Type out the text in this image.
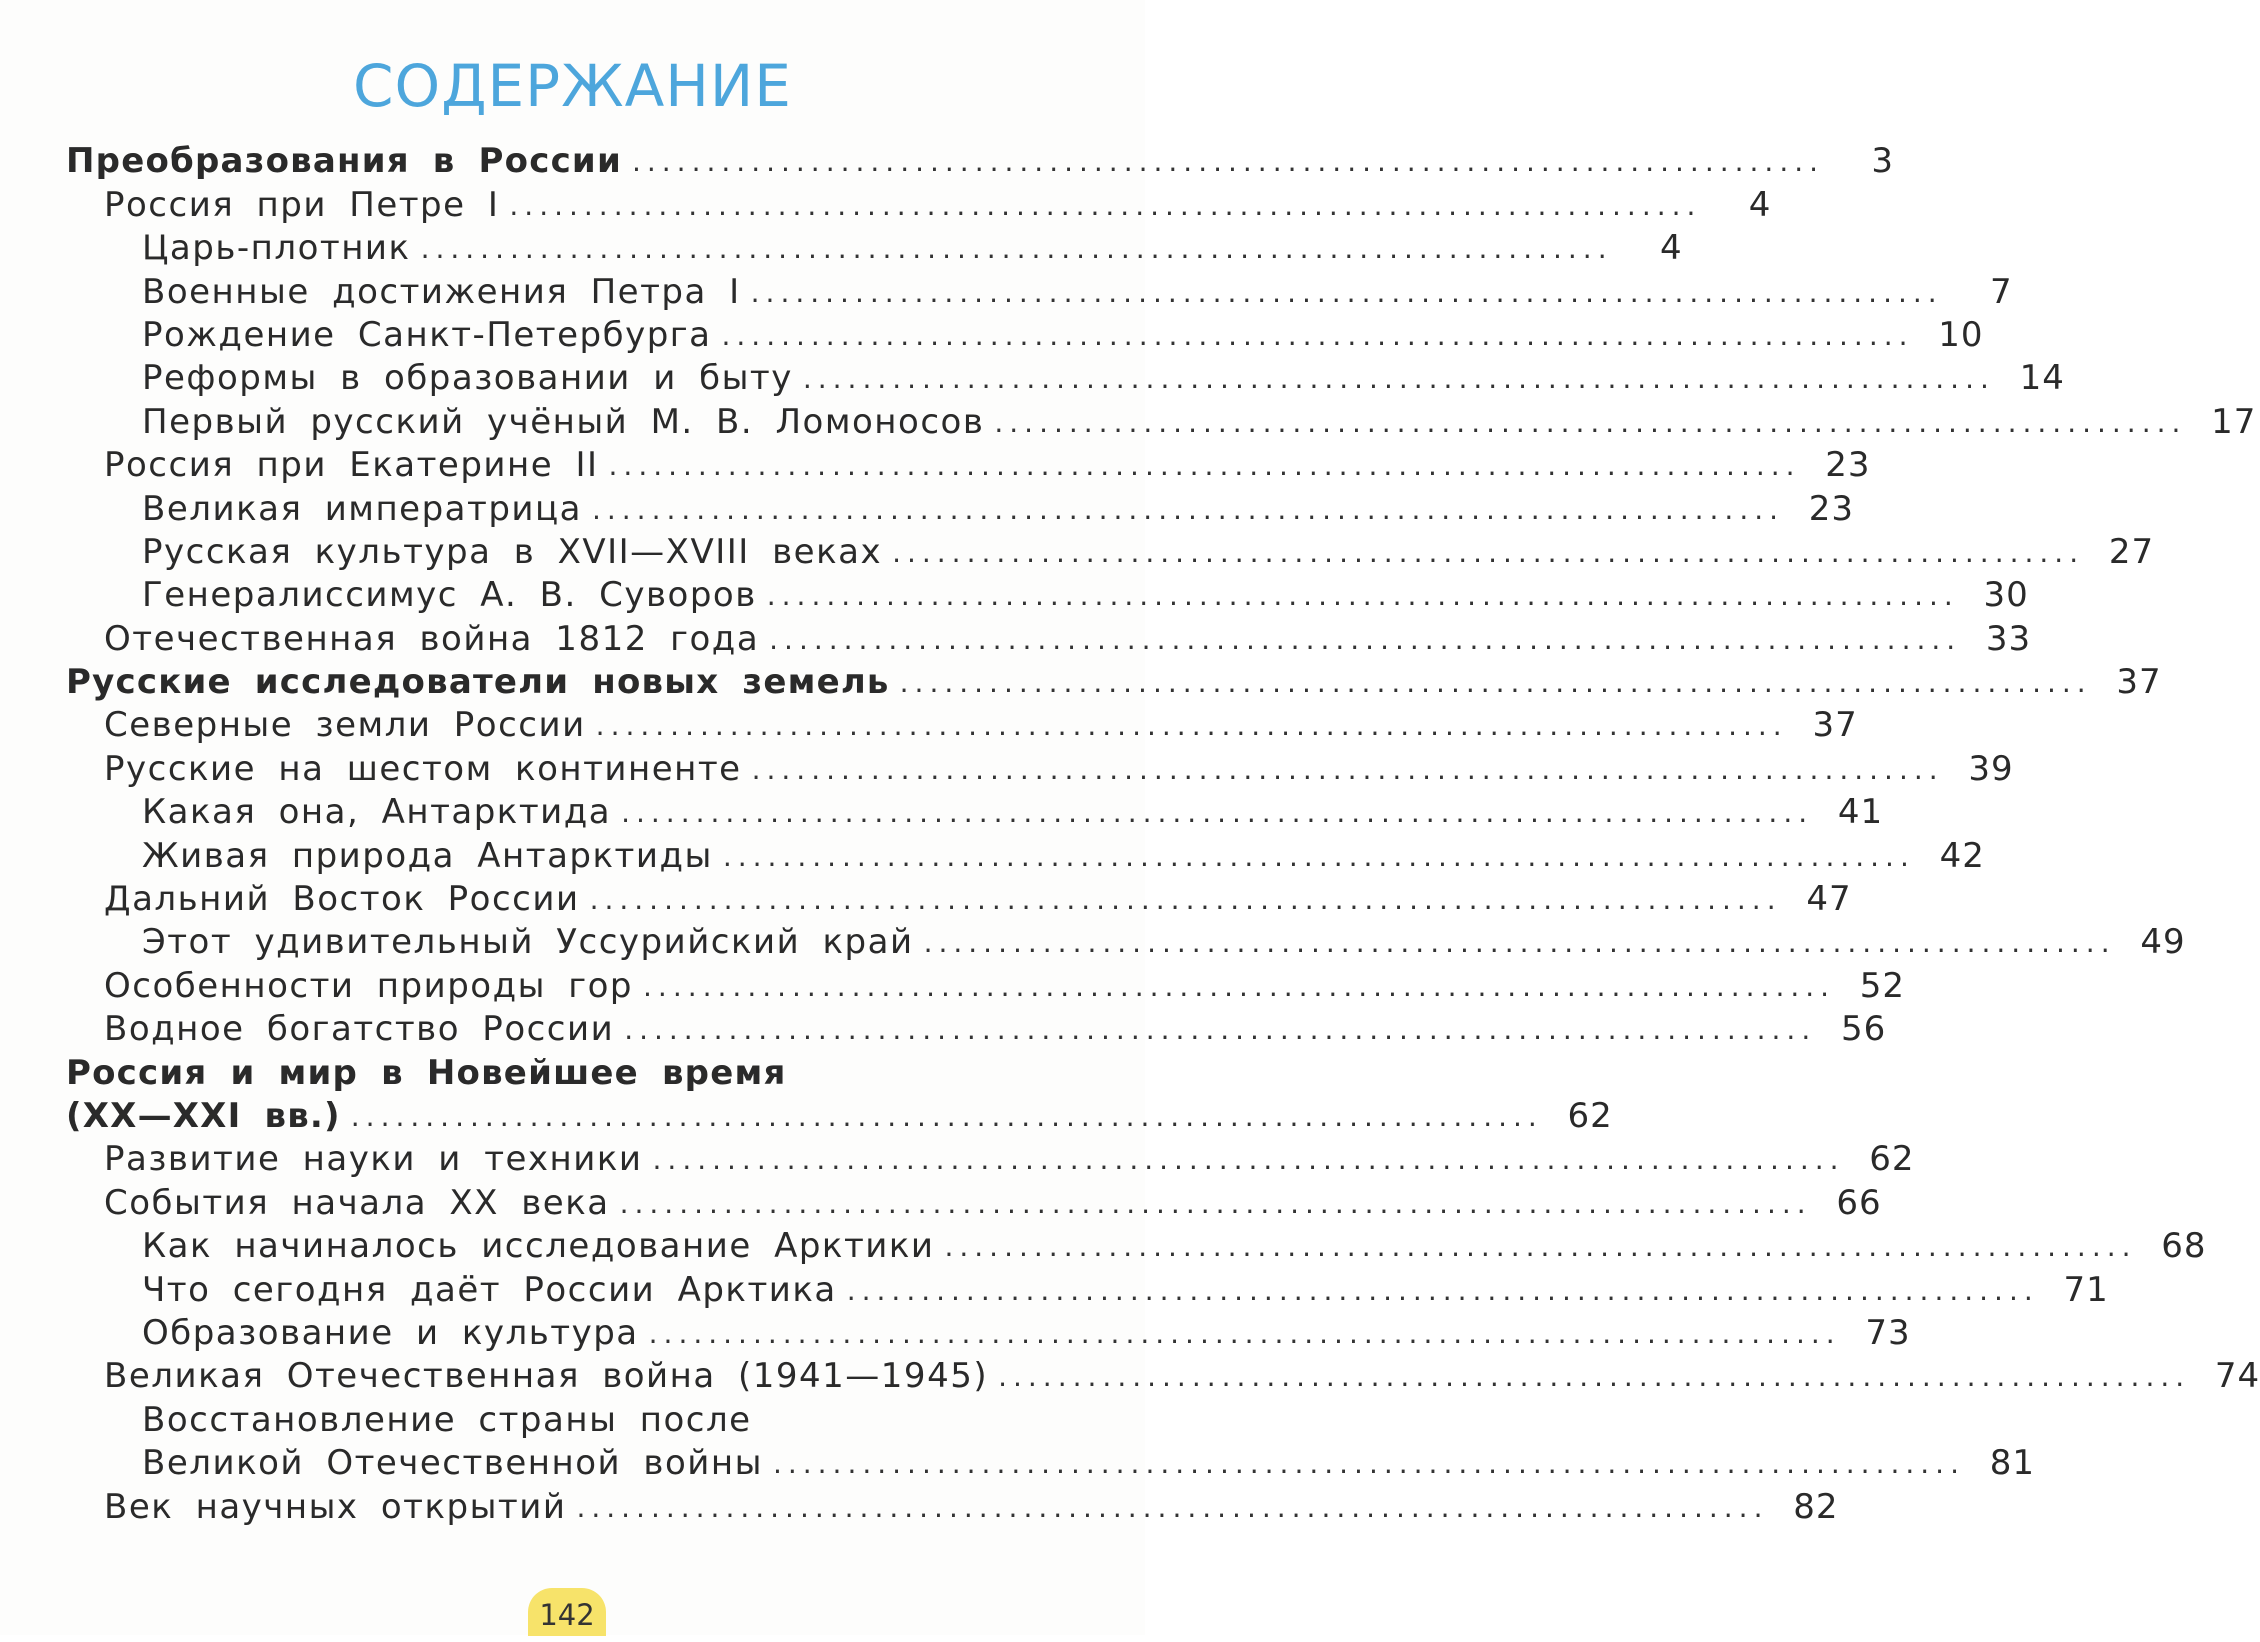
СОДЕРЖАНИЕ
Преобразования в России ................................................................................	3
Россия при Петре I ................................................................................	4
Царь-плотник ................................................................................	4
Военные достижения Петра I ................................................................................	7
Рождение Санкт-Петербурга ................................................................................ 10
Реформы в образовании и быту ................................................................................ 14
Первый русский учёный М. В. Ломоносов ................................................................................ 17
Россия при Екатерине II ................................................................................ 23
Великая императрица ................................................................................ 23
Русская культура в XVII—XVIII веках ................................................................................ 27
Генералиссимус А. В. Суворов ................................................................................ 30
Отечественная война 1812 года ................................................................................ 33
Русские исследователи новых земель ................................................................................ 37
Северные земли России ................................................................................ 37
Русские на шестом континенте ................................................................................ 39
Какая она, Антарктида ................................................................................ 41
Живая природа Антарктиды ................................................................................ 42
Дальний Восток России ................................................................................ 47
Этот удивительный Уссурийский край ................................................................................ 49
Особенности природы гор ................................................................................ 52
Водное богатство России ................................................................................ 56
Россия и мир в Новейшее время
(XX—XXI вв.) ................................................................................ 62
Развитие науки и техники ................................................................................ 62
События начала XX века ................................................................................ 66
Как начиналось исследование Арктики ................................................................................ 68
Что сегодня даёт России Арктика ................................................................................ 71
Образование и культура ................................................................................ 73
Великая Отечественная война (1941—1945) ................................................................................ 74
Восстановление страны после
Великой Отечественной войны ................................................................................ 81
Век научных открытий ................................................................................ 82
142
